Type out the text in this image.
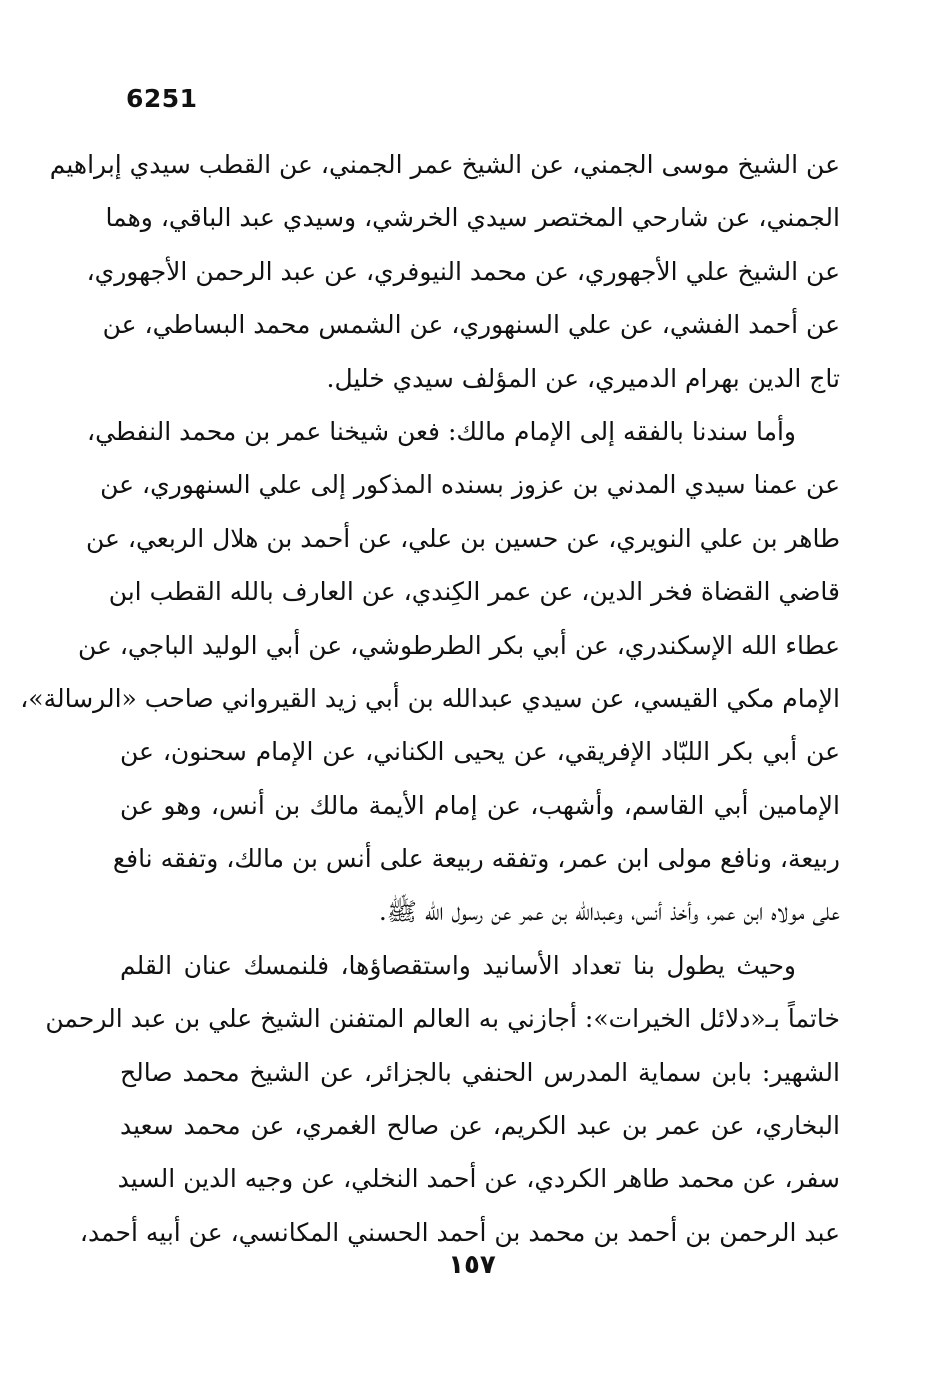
6251
عن الشيخ موسى الجمني، عن الشيخ عمر الجمني، عن القطب سيدي إبراهيم
الجمني، عن شارحي المختصر سيدي الخرشي، وسيدي عبد الباقي، وهما
عن الشيخ علي الأجهوري، عن محمد النيوفري، عن عبد الرحمن الأجهوري،
عن أحمد الفشي، عن علي السنهوري، عن الشمس محمد البساطي، عن
تاج الدين بهرام الدميري، عن المؤلف سيدي خليل.
وأما سندنا بالفقه إلى الإمام مالك: فعن شيخنا عمر بن محمد النفطي،
عن عمنا سيدي المدني بن عزوز بسنده المذكور إلى علي السنهوري، عن
طاهر بن علي النويري، عن حسين بن علي، عن أحمد بن هلال الربعي، عن
قاضي القضاة فخر الدين، عن عمر الكِندي، عن العارف بالله القطب ابن
عطاء الله الإسكندري، عن أبي بكر الطرطوشي، عن أبي الوليد الباجي، عن
الإمام مكي القيسي، عن سيدي عبدالله بن أبي زيد القيرواني صاحب «الرسالة»،
عن أبي بكر اللبّاد الإفريقي، عن يحيى الكناني، عن الإمام سحنون، عن
الإمامين أبي القاسم، وأشهب، عن إمام الأيمة مالك بن أنس، وهو عن
ربيعة، ونافع مولى ابن عمر، وتفقه ربيعة على أنس بن مالك، وتفقه نافع
على مولاه ابن عمر، وأخذ أنس، وعبدالله بن عمر عن رسول الله ﷺ.
وحيث يطول بنا تعداد الأسانيد واستقصاؤها، فلنمسك عنان القلم
خاتماً بـ«دلائل الخيرات»: أجازني به العالم المتفنن الشيخ علي بن عبد الرحمن
الشهير: بابن سماية المدرس الحنفي بالجزائر، عن الشيخ محمد صالح
البخاري، عن عمر بن عبد الكريم، عن صالح الغمري، عن محمد سعيد
سفر، عن محمد طاهر الكردي، عن أحمد النخلي، عن وجيه الدين السيد
عبد الرحمن بن أحمد بن محمد بن أحمد الحسني المكانسي، عن أبيه أحمد،
١٥٧
